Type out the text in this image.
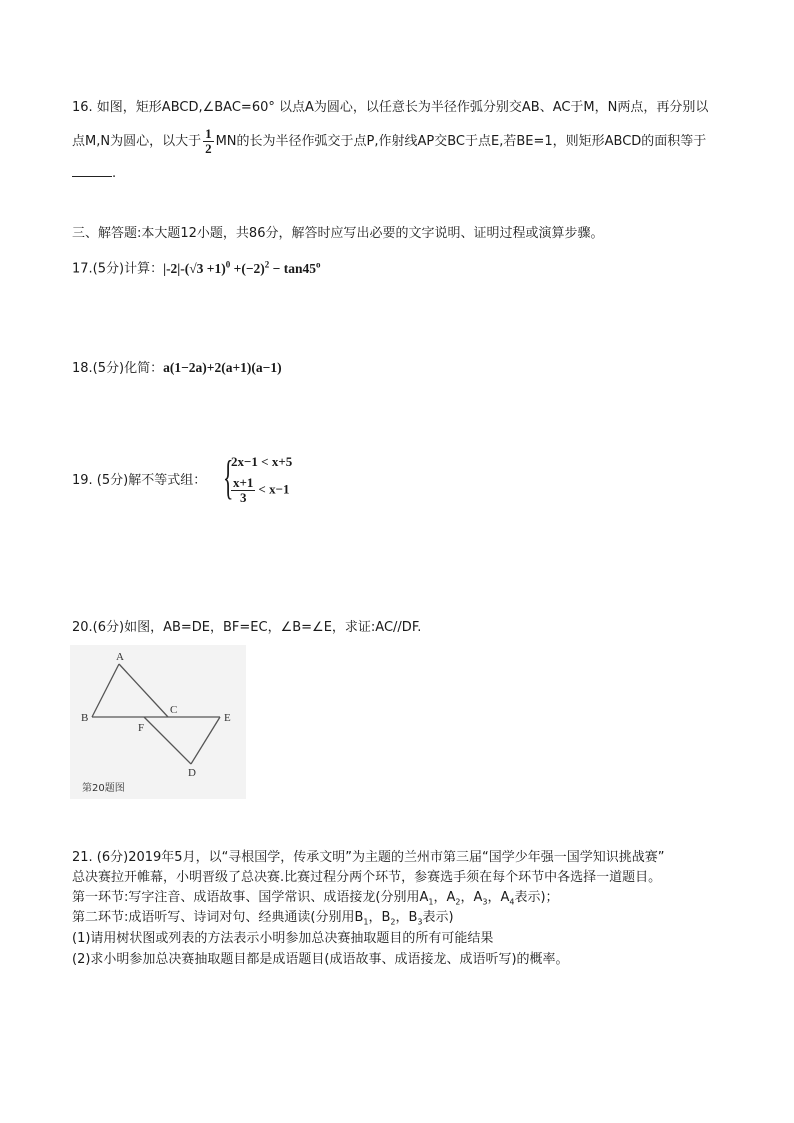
16. 如图，矩形ABCD,∠BAC=60° 以点A为圆心，以任意长为半径作弧分别交AB、AC于M，N两点，再分别以
点M,N为圆心，以大于 $\frac{1}{2}$ MN的长为半径作弧交于点P,作射线AP交BC于点E,若BE=1，则矩形ABCD的面积等于
.
三、解答题:本大题12小题，共86分，解答时应写出必要的文字说明、证明过程或演算步骤。
17.(5分)计算：$|-2|-(√3 +1)^0 +(-2)^2 - \tan 45^o$
18.(5分)化简：a(1−2a)+2(a+1)(a−1)
19. (5分)解不等式组： {
2x−1 < x+5
$\frac{x+1}{3} < x-1$
20.(6分)如图，AB=DE，BF=EC，∠B=∠E，求证:AC//DF.
A
B
C
D
E
F
第20题图
21. (6分)2019年5月，以“寻根国学，传承文明”为主题的兰州市第三届“国学少年强一国学知识挑战赛”
总决赛拉开帷幕，小明晋级了总决赛.比赛过程分两个环节，参赛选手须在每个环节中各选择一道题目。
第一环节:写字注音、成语故事、国学常识、成语接龙(分别用$A_1$，$A_2$，$A_3$，$A_4$表示)；
第二环节:成语听写、诗词对句、经典通读(分别用$B_1$，$B_2$，$B_3$表示)
(1)请用树状图或列表的方法表示小明参加总决赛抽取题目的所有可能结果
(2)求小明参加总决赛抽取题目都是成语题目(成语故事、成语接龙、成语听写)的概率。
